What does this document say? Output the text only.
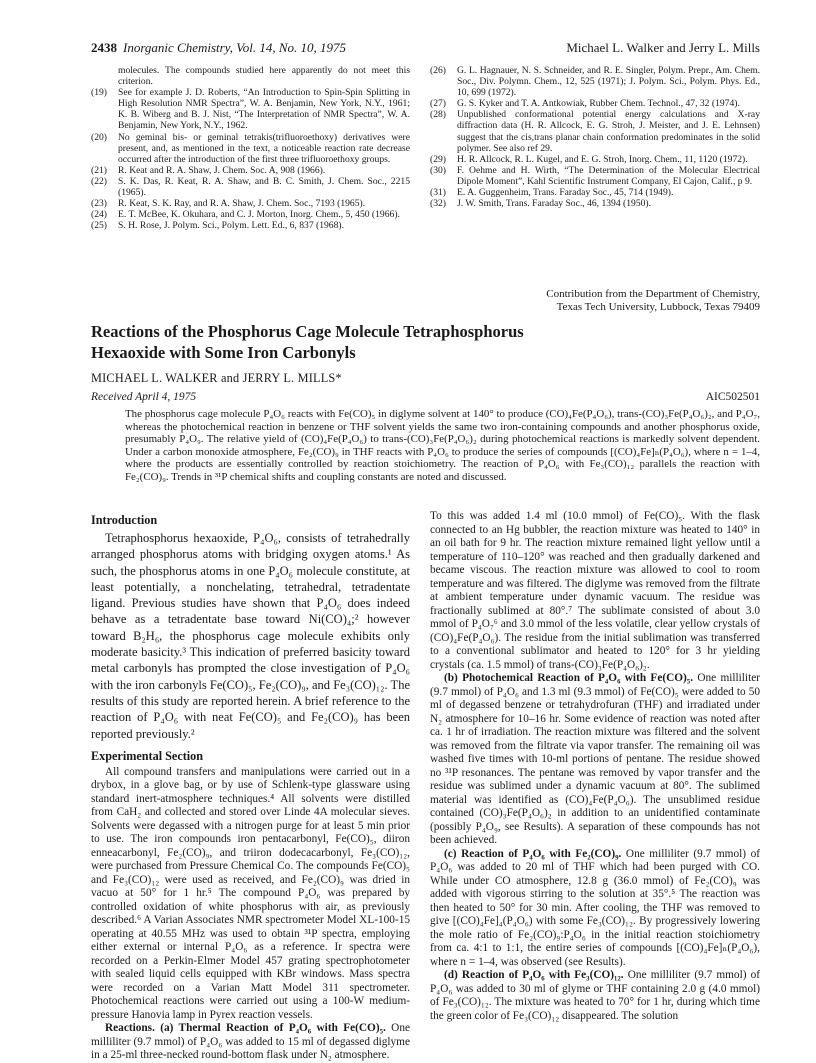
2438 Inorganic Chemistry, Vol. 14, No. 10, 1975	Michael L. Walker and Jerry L. Mills
molecules. The compounds studied here apparently do not meet this criterion.
(19) See for example J. D. Roberts, “An Introduction to Spin-Spin Splitting in High Resolution NMR Spectra”, W. A. Benjamin, New York, N.Y., 1961; K. B. Wiberg and B. J. Nist, “The Interpretation of NMR Spectra”, W. A. Benjamin, New York, N.Y., 1962.
(20) No geminal bis- or geminal tetrakis(trifluoroethoxy) derivatives were present, and, as mentioned in the text, a noticeable reaction rate decrease occurred after the introduction of the first three trifluoroethoxy groups.
(21) R. Keat and R. A. Shaw, J. Chem. Soc. A, 908 (1966).
(22) S. K. Das, R. Keat, R. A. Shaw, and B. C. Smith, J. Chem. Soc., 2215 (1965).
(23) R. Keat, S. K. Ray, and R. A. Shaw, J. Chem. Soc., 7193 (1965).
(24) E. T. McBee, K. Okuhara, and C. J. Morton, Inorg. Chem., 5, 450 (1966).
(25) S. H. Rose, J. Polym. Sci., Polym. Lett. Ed., 6, 837 (1968).
(26) G. L. Hagnauer, N. S. Schneider, and R. E. Singler, Polym. Prepr., Am. Chem. Soc., Div. Polymn. Chem., 12, 525 (1971); J. Polym. Sci., Polym. Phys. Ed., 10, 699 (1972).
(27) G. S. Kyker and T. A. Antkowiak, Rubber Chem. Technol., 47, 32 (1974).
(28) Unpublished conformational potential energy calculations and X-ray diffraction data (H. R. Allcock, E. G. Stroh, J. Meister, and J. E. Lehnsen) suggest that the cis,trans planar chain conformation predominates in the solid polymer. See also ref 29.
(29) H. R. Allcock, R. L. Kugel, and E. G. Stroh, Inorg. Chem., 11, 1120 (1972).
(30) F. Oehme and H. Wirth, “The Determination of the Molecular Electrical Dipole Moment”, Kahl Scientific Instrument Company, El Cajon, Calif., p 9.
(31) E. A. Guggenheim, Trans. Faraday Soc., 45, 714 (1949).
(32) J. W. Smith, Trans. Faraday Soc., 46, 1394 (1950).
Contribution from the Department of Chemistry,
Texas Tech University, Lubbock, Texas 79409
Reactions of the Phosphorus Cage Molecule Tetraphosphorus
Hexaoxide with Some Iron Carbonyls
MICHAEL L. WALKER and JERRY L. MILLS*
Received April 4, 1975	AIC502501
The phosphorus cage molecule P₄O₆ reacts with Fe(CO)₅ in diglyme solvent at 140° to produce (CO)₄Fe(P₄O₆), trans-(CO)₃Fe(P₄O₆)₂, and P₄O₇, whereas the photochemical reaction in benzene or THF solvent yields the same two iron-containing compounds and another phosphorus oxide, presumably P₄O₉. The relative yield of (CO)₄Fe(P₄O₆) to trans-(CO)₃Fe(P₄O₆)₂ during photochemical reactions is markedly solvent dependent. Under a carbon monoxide atmosphere, Fe₂(CO)₉ in THF reacts with P₄O₆ to produce the series of compounds [(CO)₄Fe]ₙ(P₄O₆), where n = 1–4, where the products are essentially controlled by reaction stoichiometry. The reaction of P₄O₆ with Fe₃(CO)₁₂ parallels the reaction with Fe₂(CO)₉. Trends in ³¹P chemical shifts and coupling constants are noted and discussed.
Introduction

Tetraphosphorus hexaoxide, P₄O₆, consists of tetrahedrally arranged phosphorus atoms with bridging oxygen atoms.¹ As such, the phosphorus atoms in one P₄O₆ molecule constitute, at least potentially, a nonchelating, tetrahedral, tetradentate ligand. Previous studies have shown that P₄O₆ does indeed behave as a tetradentate base toward Ni(CO)₄;² however toward B₂H₆, the phosphorus cage molecule exhibits only moderate basicity.³ This indication of preferred basicity toward metal carbonyls has prompted the close investigation of P₄O₆ with the iron carbonyls Fe(CO)₅, Fe₂(CO)₉, and Fe₃(CO)₁₂. The results of this study are reported herein. A brief reference to the reaction of P₄O₆ with neat Fe(CO)₅ and Fe₂(CO)₉ has been reported previously.²

Experimental Section

All compound transfers and manipulations were carried out in a drybox, in a glove bag, or by use of Schlenk-type glassware using standard inert-atmosphere techniques.⁴ All solvents were distilled from CaH₂ and collected and stored over Linde 4A molecular sieves. Solvents were degassed with a nitrogen purge for at least 5 min prior to use. The iron compounds iron pentacarbonyl, Fe(CO)₅, diiron enneacarbonyl, Fe₂(CO)₉, and triiron dodecacarbonyl, Fe₃(CO)₁₂, were purchased from Pressure Chemical Co. The compounds Fe(CO)₅ and Fe₃(CO)₁₂ were used as received, and Fe₂(CO)₉ was dried in vacuo at 50° for 1 hr.⁵ The compound P₄O₆ was prepared by controlled oxidation of white phosphorus with air, as previously described.⁶ A Varian Associates NMR spectrometer Model XL-100-15 operating at 40.55 MHz was used to obtain ³¹P spectra, employing either external or internal P₄O₆ as a reference. Ir spectra were recorded on a Perkin-Elmer Model 457 grating spectrophotometer with sealed liquid cells equipped with KBr windows. Mass spectra were recorded on a Varian Matt Model 311 spectrometer. Photochemical reactions were carried out using a 100-W medium-pressure Hanovia lamp in Pyrex reaction vessels.

Reactions. (a) Thermal Reaction of P₄O₆ with Fe(CO)₅. One milliliter (9.7 mmol) of P₄O₆ was added to 15 ml of degassed diglyme in a 25-ml three-necked round-bottom flask under N₂ atmosphere.

To this was added 1.4 ml (10.0 mmol) of Fe(CO)₅. With the flask connected to an Hg bubbler, the reaction mixture was heated to 140° in an oil bath for 9 hr. The reaction mixture remained light yellow until a temperature of 110–120° was reached and then gradually darkened and became viscous. The reaction mixture was allowed to cool to room temperature and was filtered. The diglyme was removed from the filtrate at ambient temperature under dynamic vacuum. The residue was fractionally sublimed at 80°.⁷ The sublimate consisted of about 3.0 mmol of P₄O₇⁶ and 3.0 mmol of the less volatile, clear yellow crystals of (CO)₄Fe(P₄O₆). The residue from the initial sublimation was transferred to a conventional sublimator and heated to 120° for 3 hr yielding crystals (ca. 1.5 mmol) of trans-(CO)₃Fe(P₄O₆)₂.

(b) Photochemical Reaction of P₄O₆ with Fe(CO)₅. One milliliter (9.7 mmol) of P₄O₆ and 1.3 ml (9.3 mmol) of Fe(CO)₅ were added to 50 ml of degassed benzene or tetrahydrofuran (THF) and irradiated under N₂ atmosphere for 10–16 hr. Some evidence of reaction was noted after ca. 1 hr of irradiation. The reaction mixture was filtered and the solvent was removed from the filtrate via vapor transfer. The remaining oil was washed five times with 10-ml portions of pentane. The residue showed no ³¹P resonances. The pentane was removed by vapor transfer and the residue was sublimed under a dynamic vacuum at 80°. The sublimed material was identified as (CO)₄Fe(P₄O₆). The unsublimed residue contained (CO)₃Fe(P₄O₆)₂ in addition to an unidentified contaminate (possibly P₄O₉, see Results). A separation of these compounds has not been achieved.

(c) Reaction of P₄O₆ with Fe₂(CO)₉. One milliliter (9.7 mmol) of P₄O₆ was added to 20 ml of THF which had been purged with CO. While under CO atmosphere, 12.8 g (36.0 mmol) of Fe₂(CO)₉ was added with vigorous stirring to the solution at 35°.⁵ The reaction was then heated to 50° for 30 min. After cooling, the THF was removed to give [(CO)₄Fe]₄(P₄O₆) with some Fe₃(CO)₁₂. By progressively lowering the mole ratio of Fe₂(CO)₉:P₄O₆ in the initial reaction stoichiometry from ca. 4:1 to 1:1, the entire series of compounds [(CO)₄Fe]ₙ(P₄O₆), where n = 1–4, was observed (see Results).

(d) Reaction of P₄O₆ with Fe₃(CO)₁₂. One milliliter (9.7 mmol) of P₄O₆ was added to 30 ml of glyme or THF containing 2.0 g (4.0 mmol) of Fe₃(CO)₁₂. The mixture was heated to 70° for 1 hr, during which time the green color of Fe₃(CO)₁₂ disappeared. The solution
